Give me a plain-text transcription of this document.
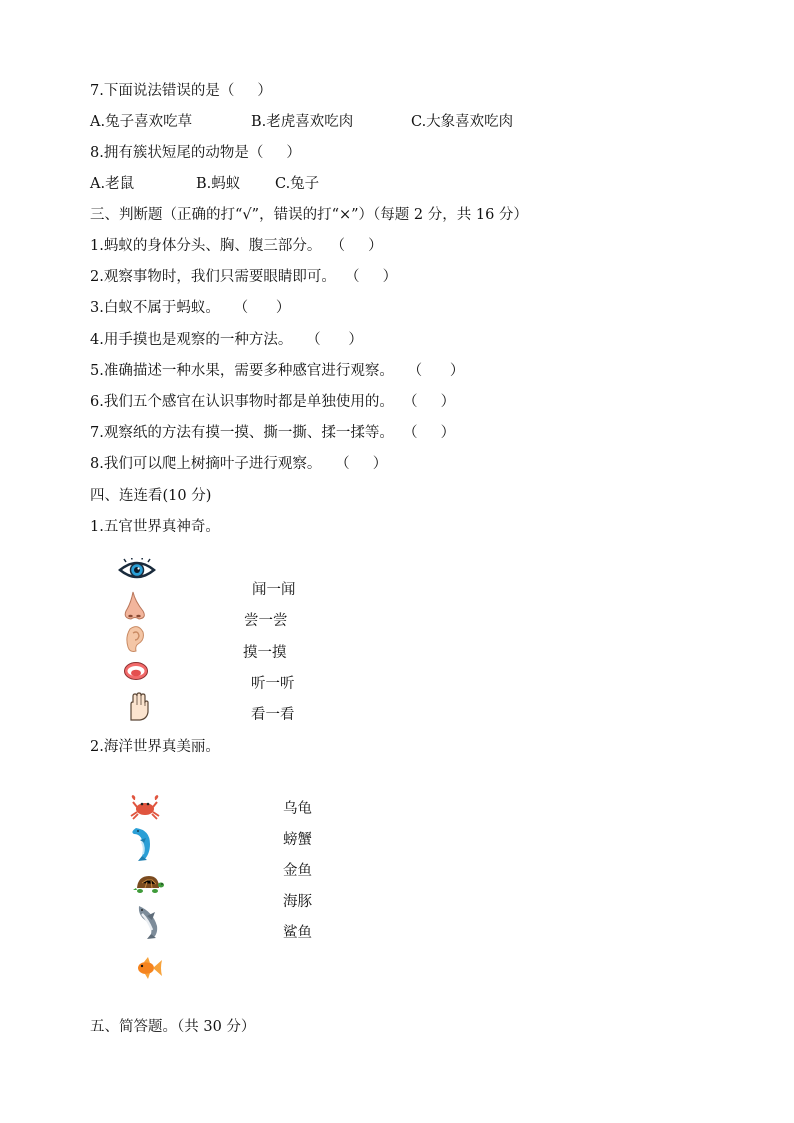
7.下面说法错误的是（     ）
A.兔子喜欢吃草	B.老虎喜欢吃肉	C.大象喜欢吃肉
8.拥有簇状短尾的动物是（     ）
A.老鼠	B.蚂蚁 C.兔子
三、判断题（正确的打“√”，错误的打“×”）（每题 2 分，共 16 分）
1.蚂蚁的身体分头、胸、腹三部分。  （     ）
2.观察事物时，我们只需要眼睛即可。  （     ）
3.白蚁不属于蚂蚁。   （      ）
4.用手摸也是观察的一种方法。   （      ）
5.准确描述一种水果，需要多种感官进行观察。   （      ）
6.我们五个感官在认识事物时都是单独使用的。  （     ）
7.观察纸的方法有摸一摸、撕一撕、揉一揉等。  （     ）
8.我们可以爬上树摘叶子进行观察。   （     ）
四、连连看(10 分)
1.五官世界真神奇。
闻一闻
尝一尝
摸一摸
听一听
看一看
2.海洋世界真美丽。
乌龟
螃蟹
金鱼
海豚
鲨鱼
五、简答题。（共 30 分）
